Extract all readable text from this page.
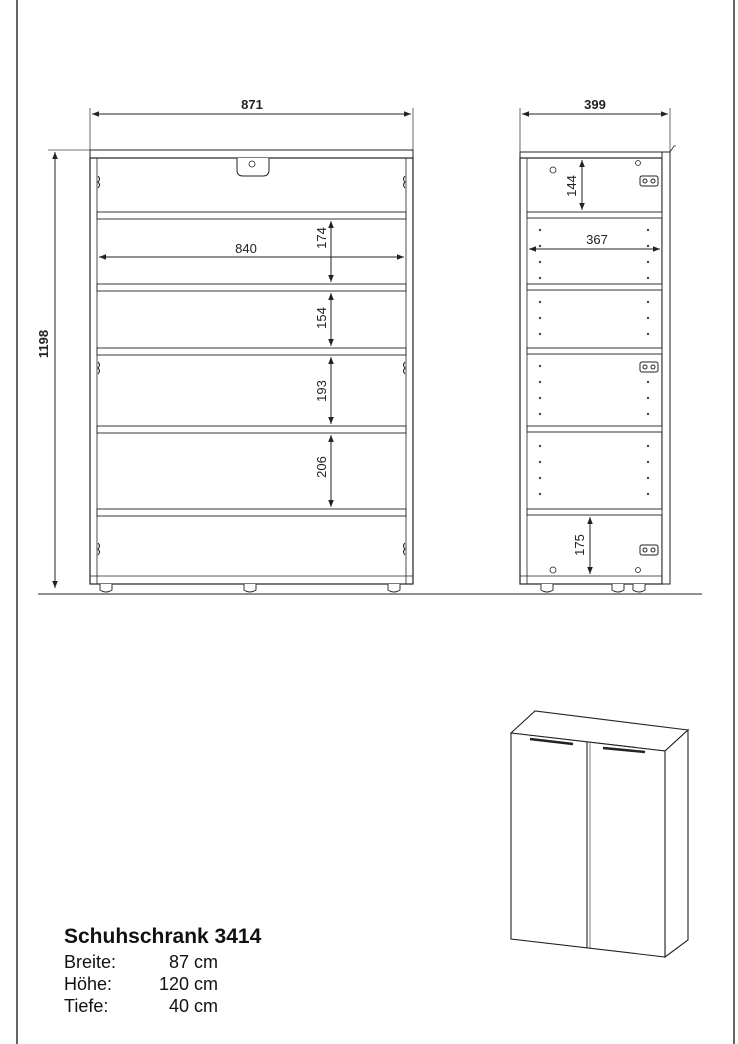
871
1198
840	174
154
193
206
399
144
367
175
Schuhschrank 3414
Breite:	87 cm
Höhe:	120 cm
Tiefe:	40 cm
